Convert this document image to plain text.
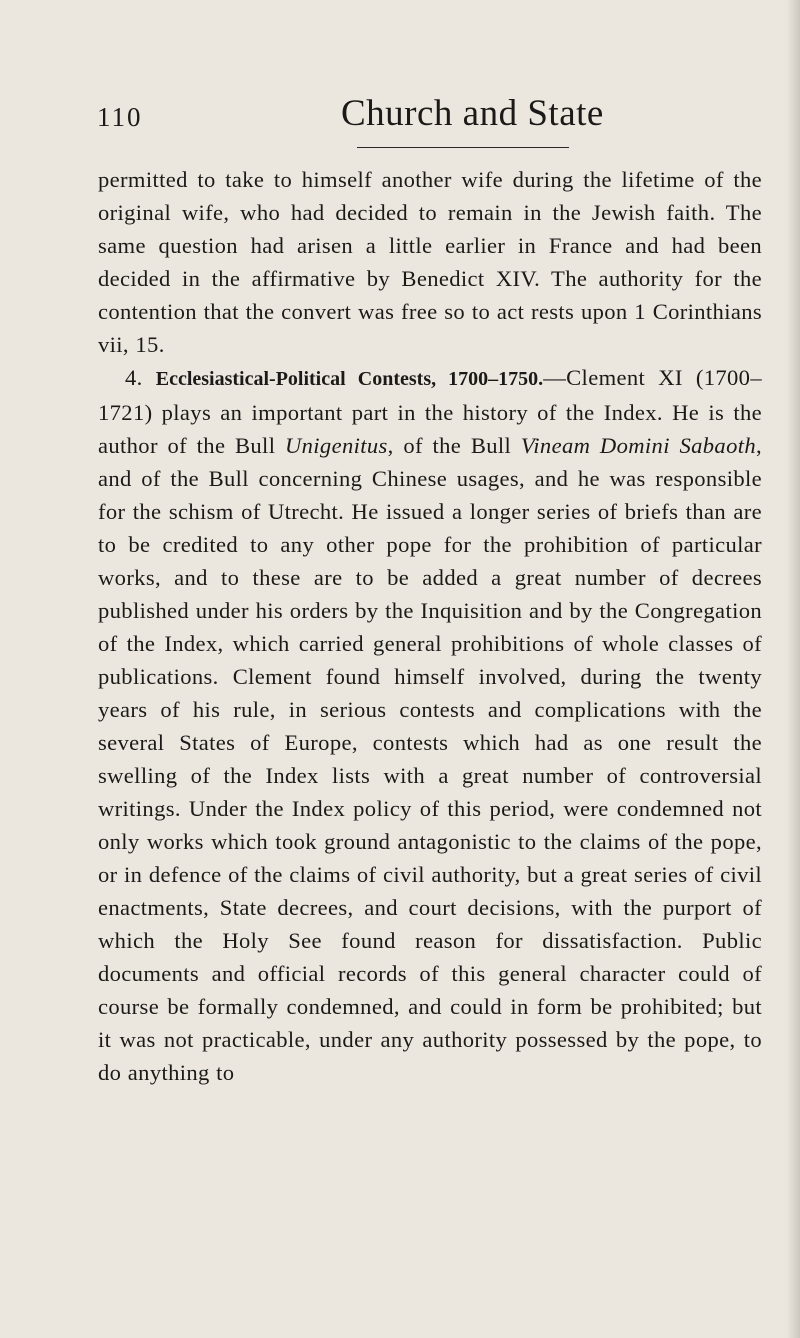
110	Church and State

permitted to take to himself another wife during the lifetime of the original wife, who had decided to remain in the Jewish faith. The same question had arisen a little earlier in France and had been decided in the affirmative by Benedict XIV. The authority for the contention that the convert was free so to act rests upon 1 Corinthians vii, 15.

4. Ecclesiastical-Political Contests, 1700–1750.—Clement XI (1700–1721) plays an important part in the history of the Index. He is the author of the Bull Unigenitus, of the Bull Vineam Domini Sabaoth, and of the Bull concerning Chinese usages, and he was responsible for the schism of Utrecht. He issued a longer series of briefs than are to be credited to any other pope for the prohibition of particular works, and to these are to be added a great number of decrees published under his orders by the Inquisition and by the Congregation of the Index, which carried general prohibitions of whole classes of publications. Clement found himself involved, during the twenty years of his rule, in serious contests and complications with the several States of Europe, contests which had as one result the swelling of the Index lists with a great number of controversial writings. Under the Index policy of this period, were condemned not only works which took ground antagonistic to the claims of the pope, or in defence of the claims of civil authority, but a great series of civil enactments, State decrees, and court decisions, with the purport of which the Holy See found reason for dissatisfaction. Public documents and official records of this general character could of course be formally condemned, and could in form be prohibited; but it was not practicable, under any authority possessed by the pope, to do anything to
